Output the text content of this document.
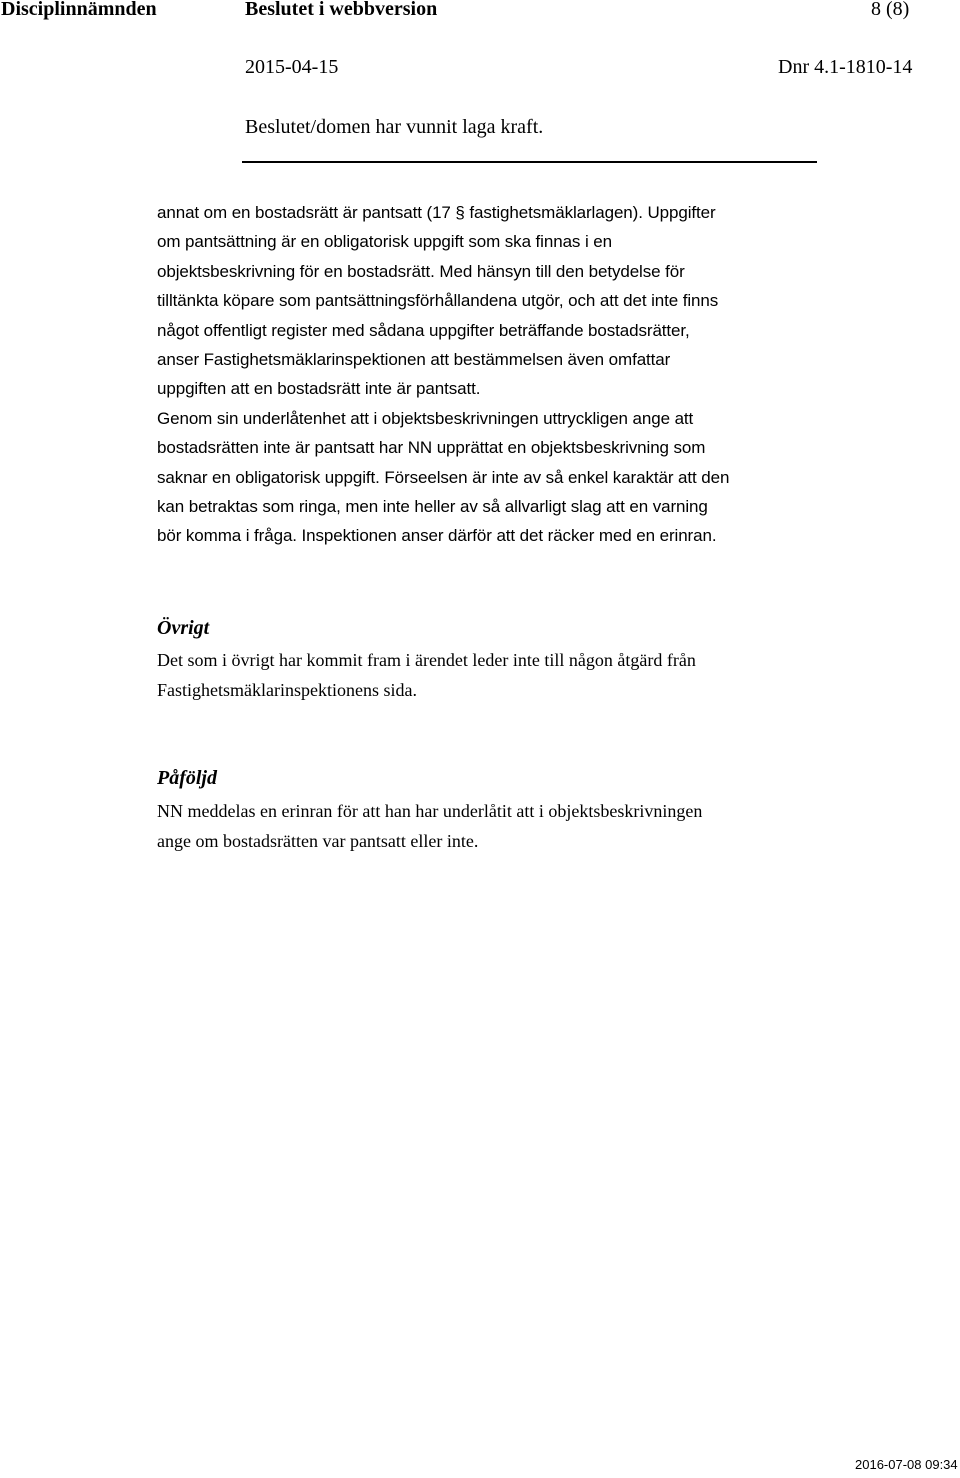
Disciplinnämnden	Beslutet i webbversion	8 (8)
2015-04-15	Dnr 4.1-1810-14
Beslutet/domen har vunnit laga kraft.
annat om en bostadsrätt är pantsatt (17 § fastighetsmäklarlagen). Uppgifter
om pantsättning är en obligatorisk uppgift som ska finnas i en
objektsbeskrivning för en bostadsrätt. Med hänsyn till den betydelse för
tilltänkta köpare som pantsättningsförhållandena utgör, och att det inte finns
något offentligt register med sådana uppgifter beträffande bostadsrätter,
anser Fastighetsmäklarinspektionen att bestämmelsen även omfattar
uppgiften att en bostadsrätt inte är pantsatt.
Genom sin underlåtenhet att i objektsbeskrivningen uttryckligen ange att
bostadsrätten inte är pantsatt har NN upprättat en objektsbeskrivning som
saknar en obligatorisk uppgift. Förseelsen är inte av så enkel karaktär att den
kan betraktas som ringa, men inte heller av så allvarligt slag att en varning
bör komma i fråga. Inspektionen anser därför att det räcker med en erinran.
Övrigt
Det som i övrigt har kommit fram i ärendet leder inte till någon åtgärd från
Fastighetsmäklarinspektionens sida.
Påföljd
NN meddelas en erinran för att han har underlåtit att i objektsbeskrivningen
ange om bostadsrätten var pantsatt eller inte.
2016-07-08 09:34
